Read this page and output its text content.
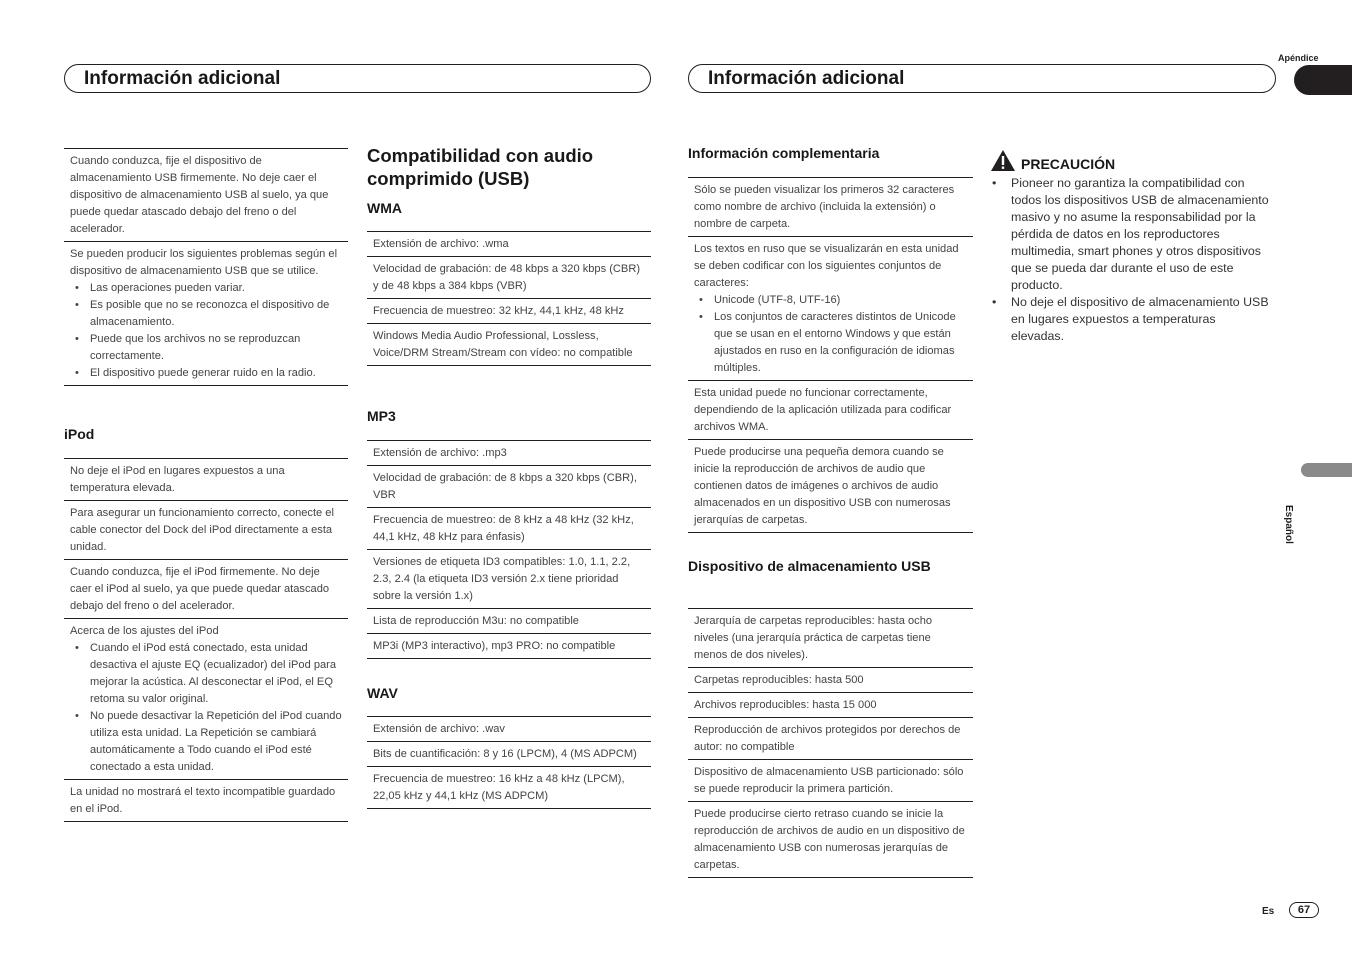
Información adicional	Información adicional
Apéndice
Español
Cuando conduzca, fije el dispositivo de almacenamiento USB firmemente. No deje caer el dispositivo de almacenamiento USB al suelo, ya que puede quedar atascado debajo del freno o del acelerador.

Se pueden producir los siguientes problemas según el dispositivo de almacenamiento USB que se utilice.
• Las operaciones pueden variar.
• Es posible que no se reconozca el dispositivo de almacenamiento.
• Puede que los archivos no se reproduzcan correctamente.
• El dispositivo puede generar ruido en la radio.
iPod
No deje el iPod en lugares expuestos a una temperatura elevada.
Para asegurar un funcionamiento correcto, conecte el cable conector del Dock del iPod directamente a esta unidad.
Cuando conduzca, fije el iPod firmemente. No deje caer el iPod al suelo, ya que puede quedar atascado debajo del freno o del acelerador.

Acerca de los ajustes del iPod
• Cuando el iPod está conectado, esta unidad desactiva el ajuste EQ (ecualizador) del iPod para mejorar la acústica. Al desconectar el iPod, el EQ retoma su valor original.
• No puede desactivar la Repetición del iPod cuando utiliza esta unidad. La Repetición se cambiará automáticamente a Todo cuando el iPod esté conectado a esta unidad.

La unidad no mostrará el texto incompatible guardado en el iPod.
Compatibilidad con audio comprimido (USB)
WMA
Extensión de archivo: .wma
Velocidad de grabación: de 48 kbps a 320 kbps (CBR) y de 48 kbps a 384 kbps (VBR)
Frecuencia de muestreo: 32 kHz, 44,1 kHz, 48 kHz
Windows Media Audio Professional, Lossless, Voice/DRM Stream/Stream con vídeo: no compatible
MP3
Extensión de archivo: .mp3
Velocidad de grabación: de 8 kbps a 320 kbps (CBR), VBR
Frecuencia de muestreo: de 8 kHz a 48 kHz (32 kHz, 44,1 kHz, 48 kHz para énfasis)
Versiones de etiqueta ID3 compatibles: 1.0, 1.1, 2.2, 2.3, 2.4 (la etiqueta ID3 versión 2.x tiene prioridad sobre la versión 1.x)
Lista de reproducción M3u: no compatible
MP3i (MP3 interactivo), mp3 PRO: no compatible
WAV
Extensión de archivo: .wav
Bits de cuantificación: 8 y 16 (LPCM), 4 (MS ADPCM)
Frecuencia de muestreo: 16 kHz a 48 kHz (LPCM), 22,05 kHz y 44,1 kHz (MS ADPCM)
Información complementaria
Sólo se pueden visualizar los primeros 32 caracteres como nombre de archivo (incluida la extensión) o nombre de carpeta.

Los textos en ruso que se visualizarán en esta unidad se deben codificar con los siguientes conjuntos de caracteres:
• Unicode (UTF-8, UTF-16)
• Los conjuntos de caracteres distintos de Unicode que se usan en el entorno Windows y que están ajustados en ruso en la configuración de idiomas múltiples.

Esta unidad puede no funcionar correctamente, dependiendo de la aplicación utilizada para codificar archivos WMA.
Puede producirse una pequeña demora cuando se inicie la reproducción de archivos de audio que contienen datos de imágenes o archivos de audio almacenados en un dispositivo USB con numerosas jerarquías de carpetas.
Dispositivo de almacenamiento USB
Jerarquía de carpetas reproducibles: hasta ocho niveles (una jerarquía práctica de carpetas tiene menos de dos niveles).
Carpetas reproducibles: hasta 500
Archivos reproducibles: hasta 15 000
Reproducción de archivos protegidos por derechos de autor: no compatible
Dispositivo de almacenamiento USB particionado: sólo se puede reproducir la primera partición.
Puede producirse cierto retraso cuando se inicie la reproducción de archivos de audio en un dispositivo de almacenamiento USB con numerosas jerarquías de carpetas.
PRECAUCIÓN
• Pioneer no garantiza la compatibilidad con todos los dispositivos USB de almacenamiento masivo y no asume la responsabilidad por la pérdida de datos en los reproductores multimedia, smart phones y otros dispositivos que se pueda dar durante el uso de este producto.
• No deje el dispositivo de almacenamiento USB en lugares expuestos a temperaturas elevadas.
Es	67
